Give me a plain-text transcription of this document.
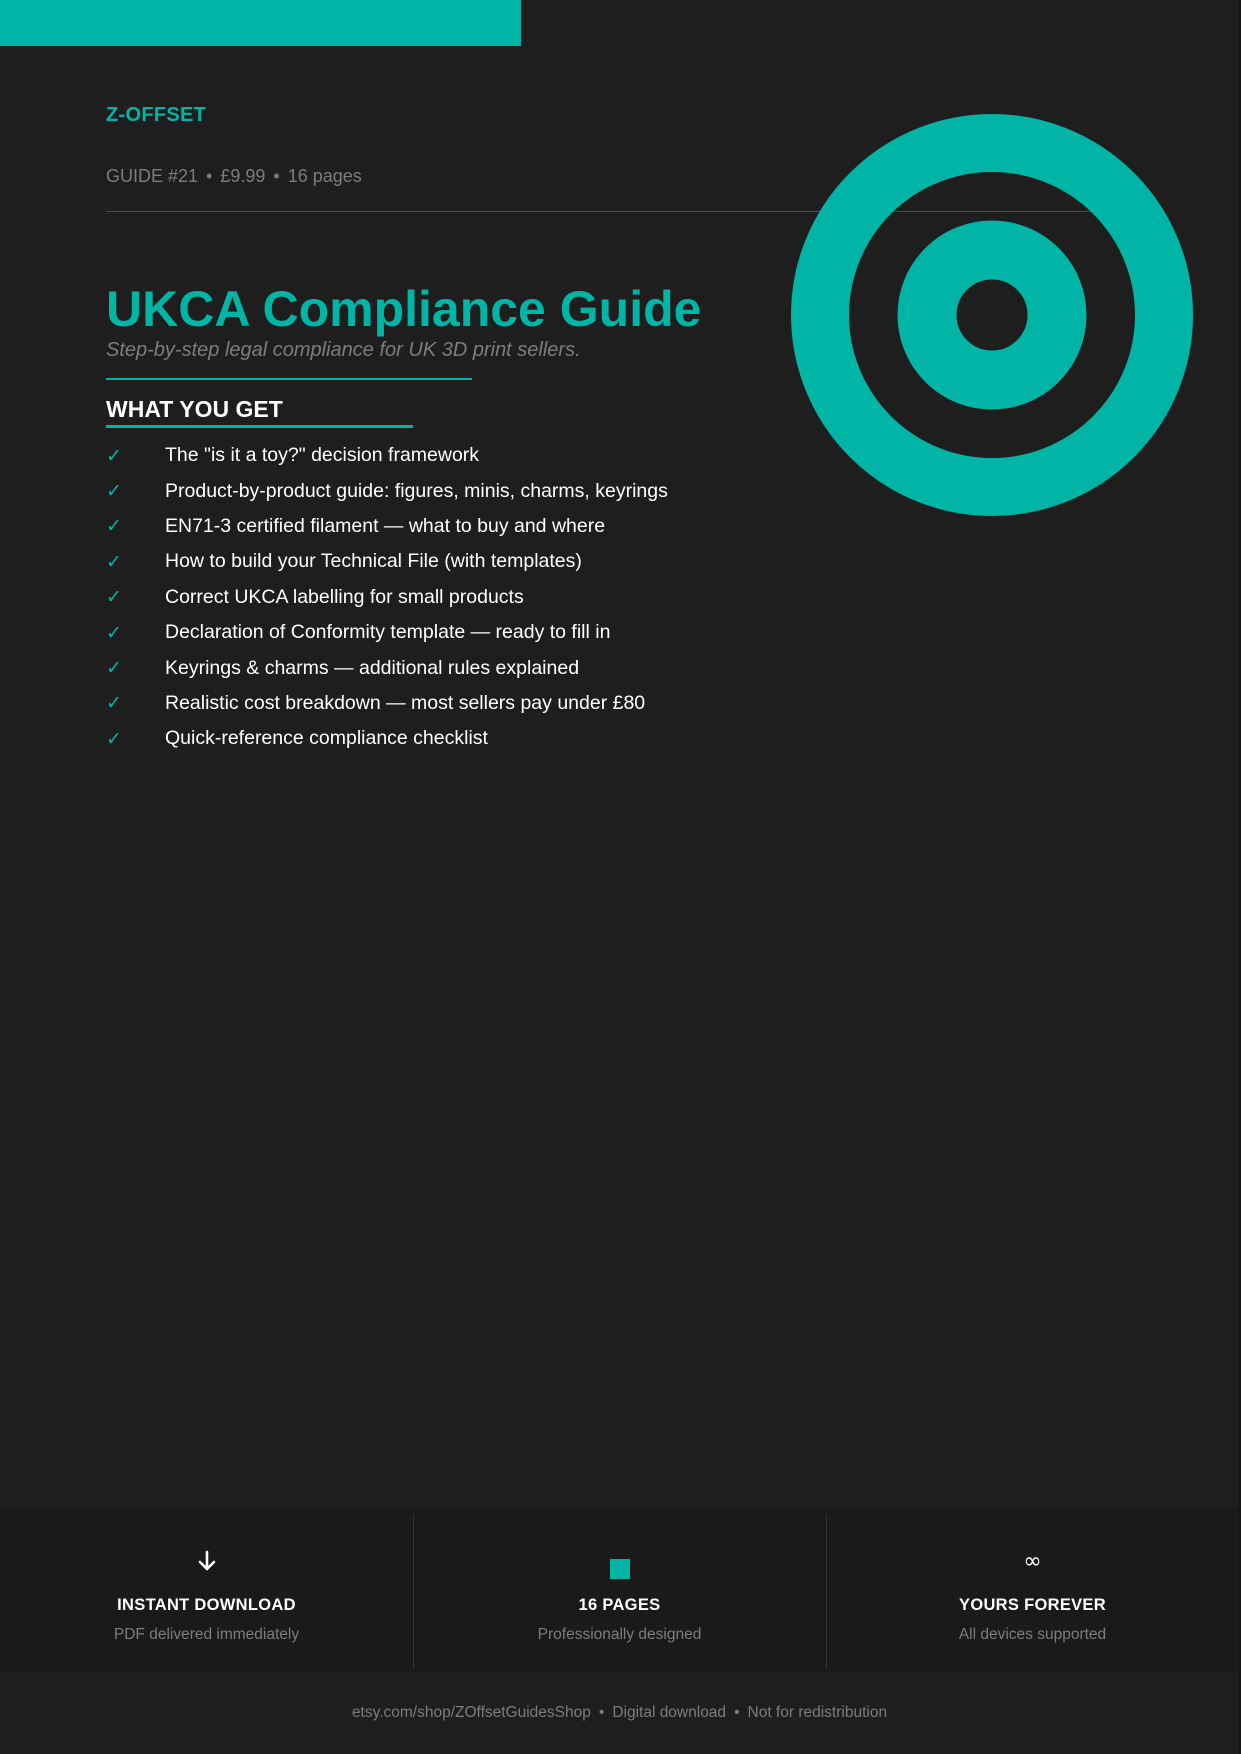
Z-OFFSET
GUIDE #21 • £9.99 • 16 pages
UKCA Compliance Guide
Step-by-step legal compliance for UK 3D print sellers.
WHAT YOU GET
✓	The "is it a toy?" decision framework
✓	Product-by-product guide: figures, minis, charms, keyrings
✓	EN71-3 certified filament — what to buy and where
✓	How to build your Technical File (with templates)
✓	Correct UKCA labelling for small products
✓	Declaration of Conformity template — ready to fill in
✓	Keyrings & charms — additional rules explained
✓	Realistic cost breakdown — most sellers pay under £80
✓	Quick-reference compliance checklist
INSTANT DOWNLOAD
PDF delivered immediately
16 PAGES
Professionally designed
∞
YOURS FOREVER
All devices supported
etsy.com/shop/ZOffsetGuidesShop • Digital download • Not for redistribution
